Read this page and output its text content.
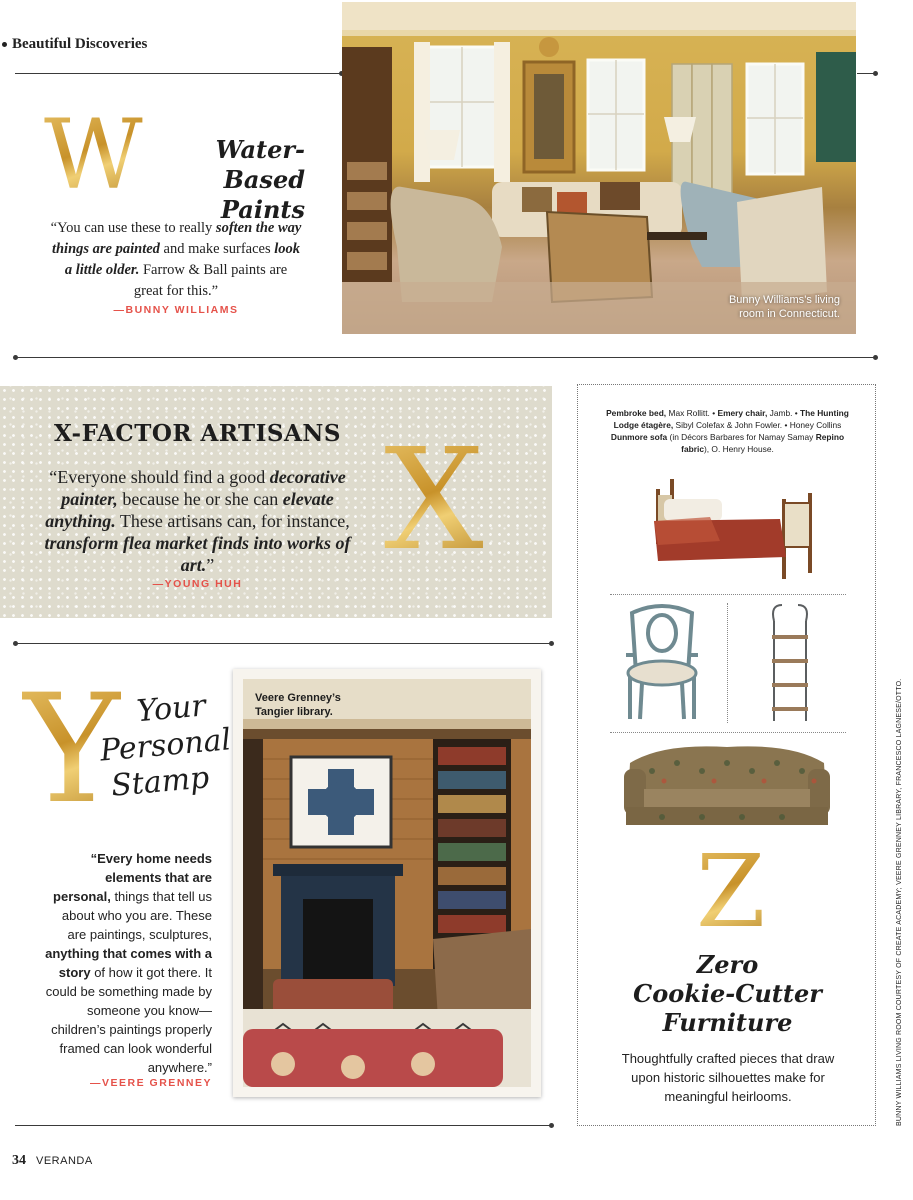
Beautiful Discoveries
W	Water-Based
Paints
“You can use these to really soften the way things are painted and make surfaces look a little older. Farrow & Ball paints are great for this.”
—BUNNY WILLIAMS
Bunny Williams’s living
room in Connecticut.
X-FACTOR ARTISANS
“Everyone should find a good decorative painter, because he or she can elevate anything. These artisans can, for instance, transform flea market finds into works of art.”
—YOUNG HUH
X
Y Your
Personal
Stamp
“Every home needs elements that are personal, things that tell us about who you are. These are paintings, sculptures, anything that comes with a story of how it got there. It could be something made by someone you know—children’s paintings properly framed can look wonderful anywhere.”
—VEERE GRENNEY
Veere Grenney’s
Tangier library.
Pembroke bed, Max Rollitt. • Emery chair, Jamb. • The Hunting Lodge étagère, Sibyl Colefax & John Fowler. • Honey Collins Dunmore sofa (in Décors Barbares for Namay Samay Repino fabric), O. Henry House.
Z
Zero
Cookie-Cutter
Furniture
Thoughtfully crafted pieces that draw upon historic silhouettes make for meaningful heirlooms.	BUNNY WILLIAMS LIVING ROOM COURTESY OF CREATE ACADEMY; VEERE GRENNEY LIBRARY, FRANCESCO LAGNESE/OTTO.
34 VERANDA
